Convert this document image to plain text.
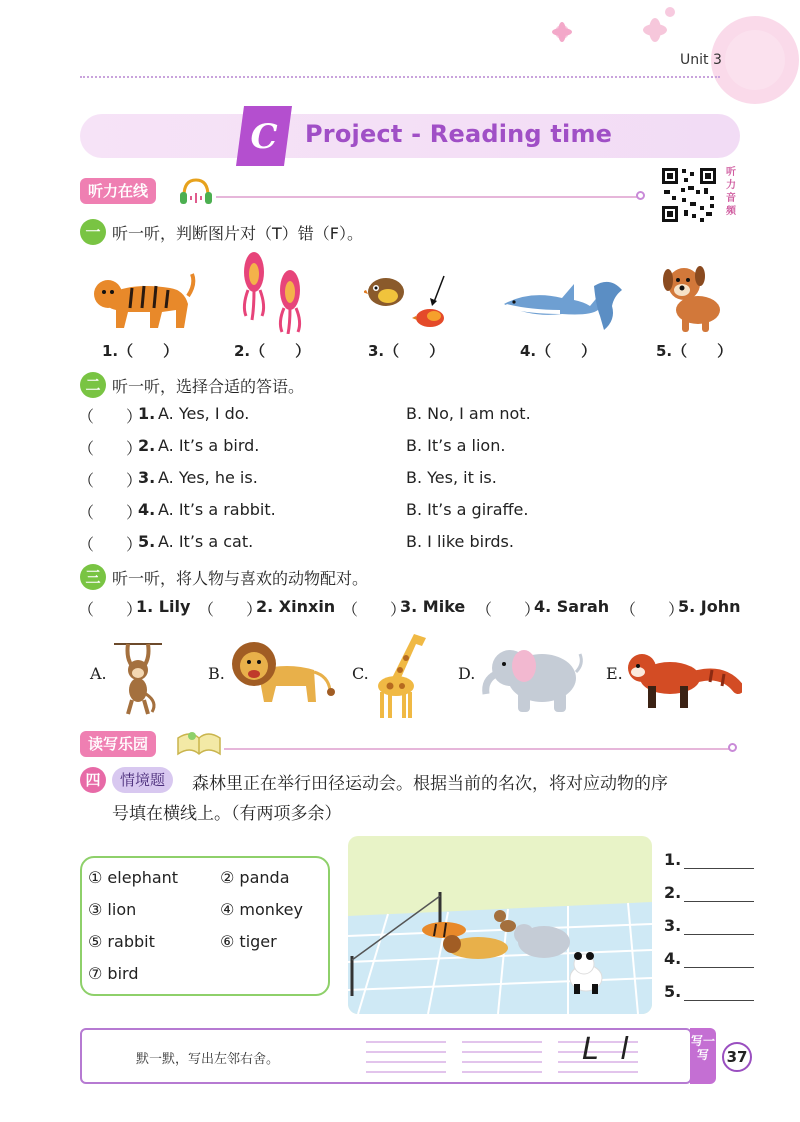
Unit 3
C Project - Reading time
听力在线
听力音频
一 听一听，判断图片对（T）错（F）。
1.（　　）	2.（　　）	3.（　　）	4.（　　）	5.（　　）
二 听一听，选择合适的答语。
（　　）
1. A. Yes, I do.	B. No, I am not.
（　　）
2. A. It’s a bird.	B. It’s a lion.
（　　）
3. A. Yes, he is.	B. Yes, it is.
（　　）
4. A. It’s a rabbit.	B. It’s a giraffe.
（　　）
5. A. It’s a cat.	B. I like birds.
三 听一听，将人物与喜欢的动物配对。
（　　）
1. Lily （　　）
2. Xinxin （　　）
3. Mike （　　）
4. Sarah （　　）
5. John
A.	B.	C.	D.	E.
读写乐园
四	情境题	森林里正在举行田径运动会。根据当前的名次，将对应动物的序
号填在横线上。（有两项多余）
① elephant	② panda
③ lion	④ monkey
⑤ rabbit	⑥ tiger
⑦ bird
1.
2.
3.
4.
5.
默一默，写出左邻右舍。	L l	写一写	37
